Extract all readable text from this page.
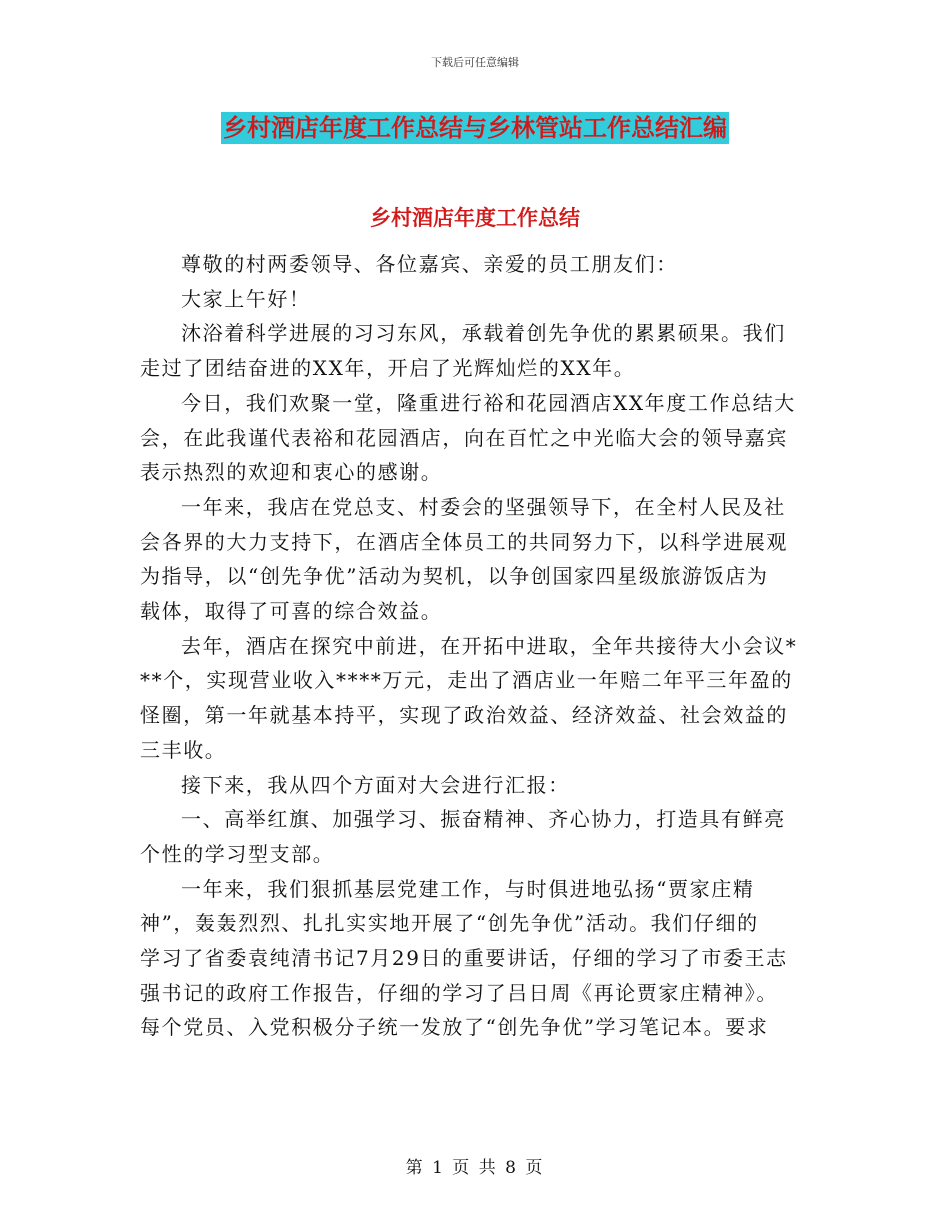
下载后可任意编辑
乡村酒店年度工作总结与乡林管站工作总结汇编
乡村酒店年度工作总结

尊敬的村两委领导、各位嘉宾、亲爱的员工朋友们：

大家上午好！

沐浴着科学进展的习习东风，承载着创先争优的累累硕果。我们
走过了团结奋进的XX年，开启了光辉灿烂的XX年。

今日，我们欢聚一堂，隆重进行裕和花园酒店XX年度工作总结大
会，在此我谨代表裕和花园酒店，向在百忙之中光临大会的领导嘉宾
表示热烈的欢迎和衷心的感谢。

一年来，我店在党总支、村委会的坚强领导下，在全村人民及社
会各界的大力支持下，在酒店全体员工的共同努力下，以科学进展观
为指导，以“创先争优”活动为契机，以争创国家四星级旅游饭店为
载体，取得了可喜的综合效益。

去年，酒店在探究中前进，在开拓中进取，全年共接待大小会议*
**个，实现营业收入****万元，走出了酒店业一年赔二年平三年盈的
怪圈，第一年就基本持平，实现了政治效益、经济效益、社会效益的
三丰收。

接下来，我从四个方面对大会进行汇报：

一、高举红旗、加强学习、振奋精神、齐心协力，打造具有鲜亮
个性的学习型支部。

一年来，我们狠抓基层党建工作，与时俱进地弘扬“贾家庄精
神”，轰轰烈烈、扎扎实实地开展了“创先争优”活动。我们仔细的
学习了省委袁纯清书记7月29日的重要讲话，仔细的学习了市委王志
强书记的政府工作报告，仔细的学习了吕日周《再论贾家庄精神》。
每个党员、入党积极分子统一发放了“创先争优”学习笔记本。要求

第 1 页 共 8 页
